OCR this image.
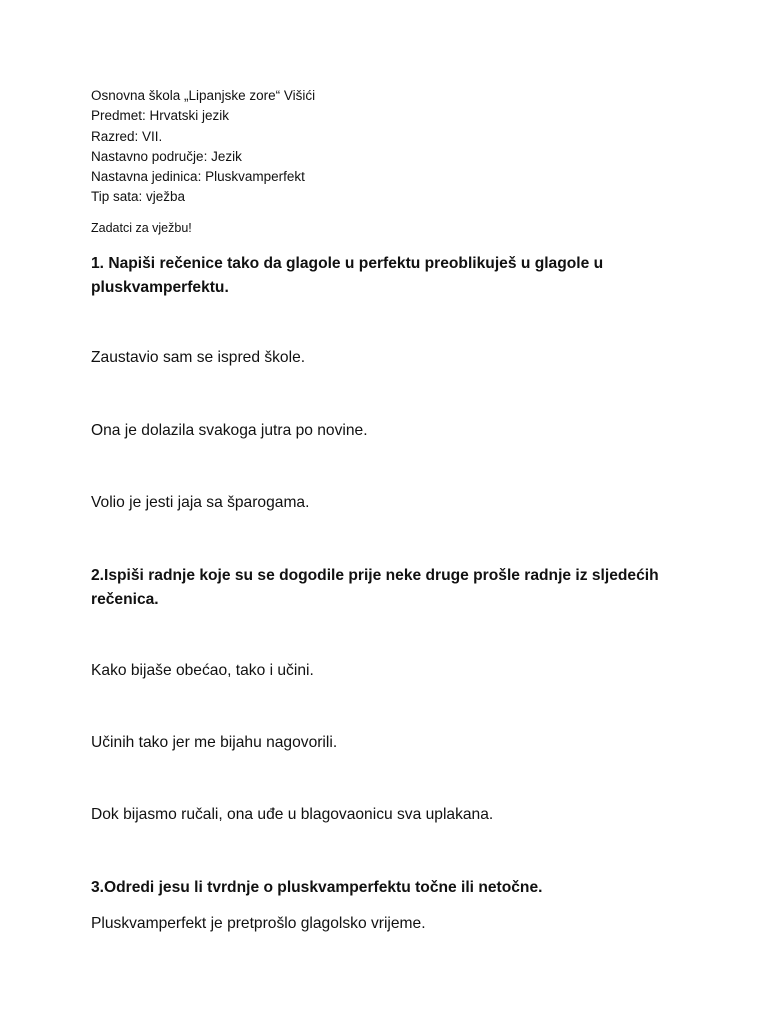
Osnovna škola „Lipanjske zore“ Višići
Predmet: Hrvatski jezik
Razred: VII.
Nastavno područje: Jezik
Nastavna jedinica: Pluskvamperfekt
Tip sata: vježba
Zadatci za vježbu!
1. Napiši rečenice tako da glagole u perfektu preoblikuješ u glagole u pluskvamperfektu.
Zaustavio sam se ispred škole.
Ona je dolazila svakoga jutra po novine.
Volio je jesti jaja sa šparogama.
2.Ispiši radnje koje su se dogodile prije neke druge prošle radnje iz sljedećih rečenica.
Kako bijaše obećao, tako i učini.
Učinih tako jer me bijahu nagovorili.
Dok bijasmo ručali, ona uđe u blagovaonicu sva uplakana.
3.Odredi jesu li tvrdnje o pluskvamperfektu točne ili netočne.
Pluskvamperfekt je pretprošlo glagolsko vrijeme.
